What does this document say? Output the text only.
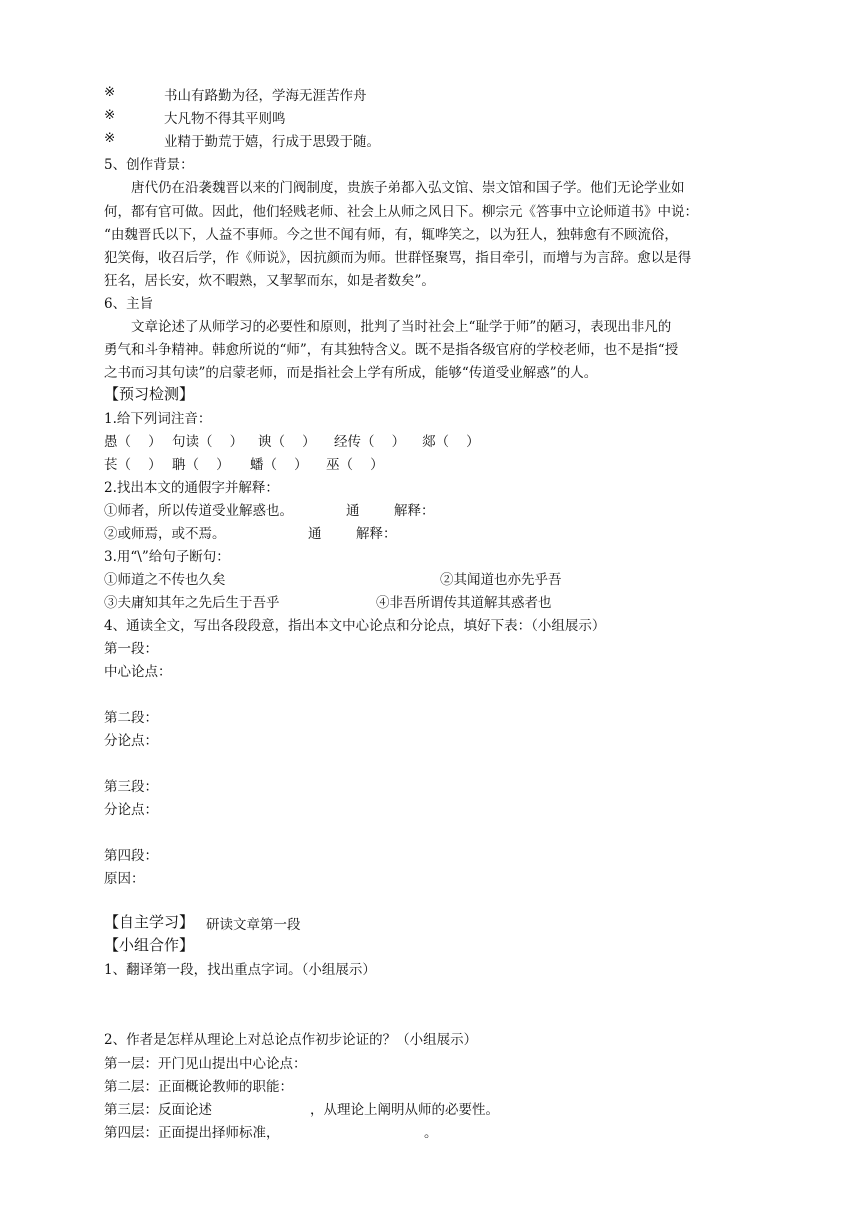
※	书山有路勤为径，学海无涯苦作舟
※	大凡物不得其平则鸣
※	业精于勤荒于嬉，行成于思毁于随。
5、创作背景：
唐代仍在沿袭魏晋以来的门阀制度，贵族子弟都入弘文馆、崇文馆和国子学。他们无论学业如
何，都有官可做。因此，他们轻贱老师、社会上从师之风日下。柳宗元《答事中立论师道书》中说：
“由魏晋氏以下，人益不事师。今之世不闻有师，有，辄哗笑之，以为狂人，独韩愈有不顾流俗，
犯笑侮，收召后学，作《师说》，因抗颜而为师。世群怪聚骂，指目牵引，而增与为言辞。愈以是得
狂名，居长安，炊不暇熟，又挈挈而东，如是者数矣”。
6、主旨
文章论述了从师学习的必要性和原则，批判了当时社会上“耻学于师”的陋习，表现出非凡的
勇气和斗争精神。韩愈所说的“师”，有其独特含义。既不是指各级官府的学校老师，也不是指“授
之书而习其句读”的启蒙老师，而是指社会上学有所成，能够“传道受业解惑”的人。
【预习检测】
1.给下列词注音：
愚（    ） 句读（    ） 谀（    ） 经传（    ） 郯（    ）
苌（    ） 聃（    ） 蟠（    ） 巫（    ）
2.找出本文的通假字并解释：
①师者，所以传道受业解惑也。	通	解释：
②或师焉，或不焉。	通	解释：
3.用“\”给句子断句：
①师道之不传也久矣	②其闻道也亦先乎吾
③夫庸知其年之先后生于吾乎	④非吾所谓传其道解其惑者也
4、通读全文，写出各段段意，指出本文中心论点和分论点，填好下表：（小组展示）
第一段：
中心论点：
第二段：
分论点：
第三段：
分论点：
第四段：
原因：
【自主学习】 研读文章第一段
【小组合作】
1、翻译第一段，找出重点字词。（小组展示）
2、作者是怎样从理论上对总论点作初步论证的？（小组展示）
第一层：开门见山提出中心论点：
第二层：正面概论教师的职能：
第三层：反面论述	，从理论上阐明从师的必要性。
第四层：正面提出择师标准，	。
